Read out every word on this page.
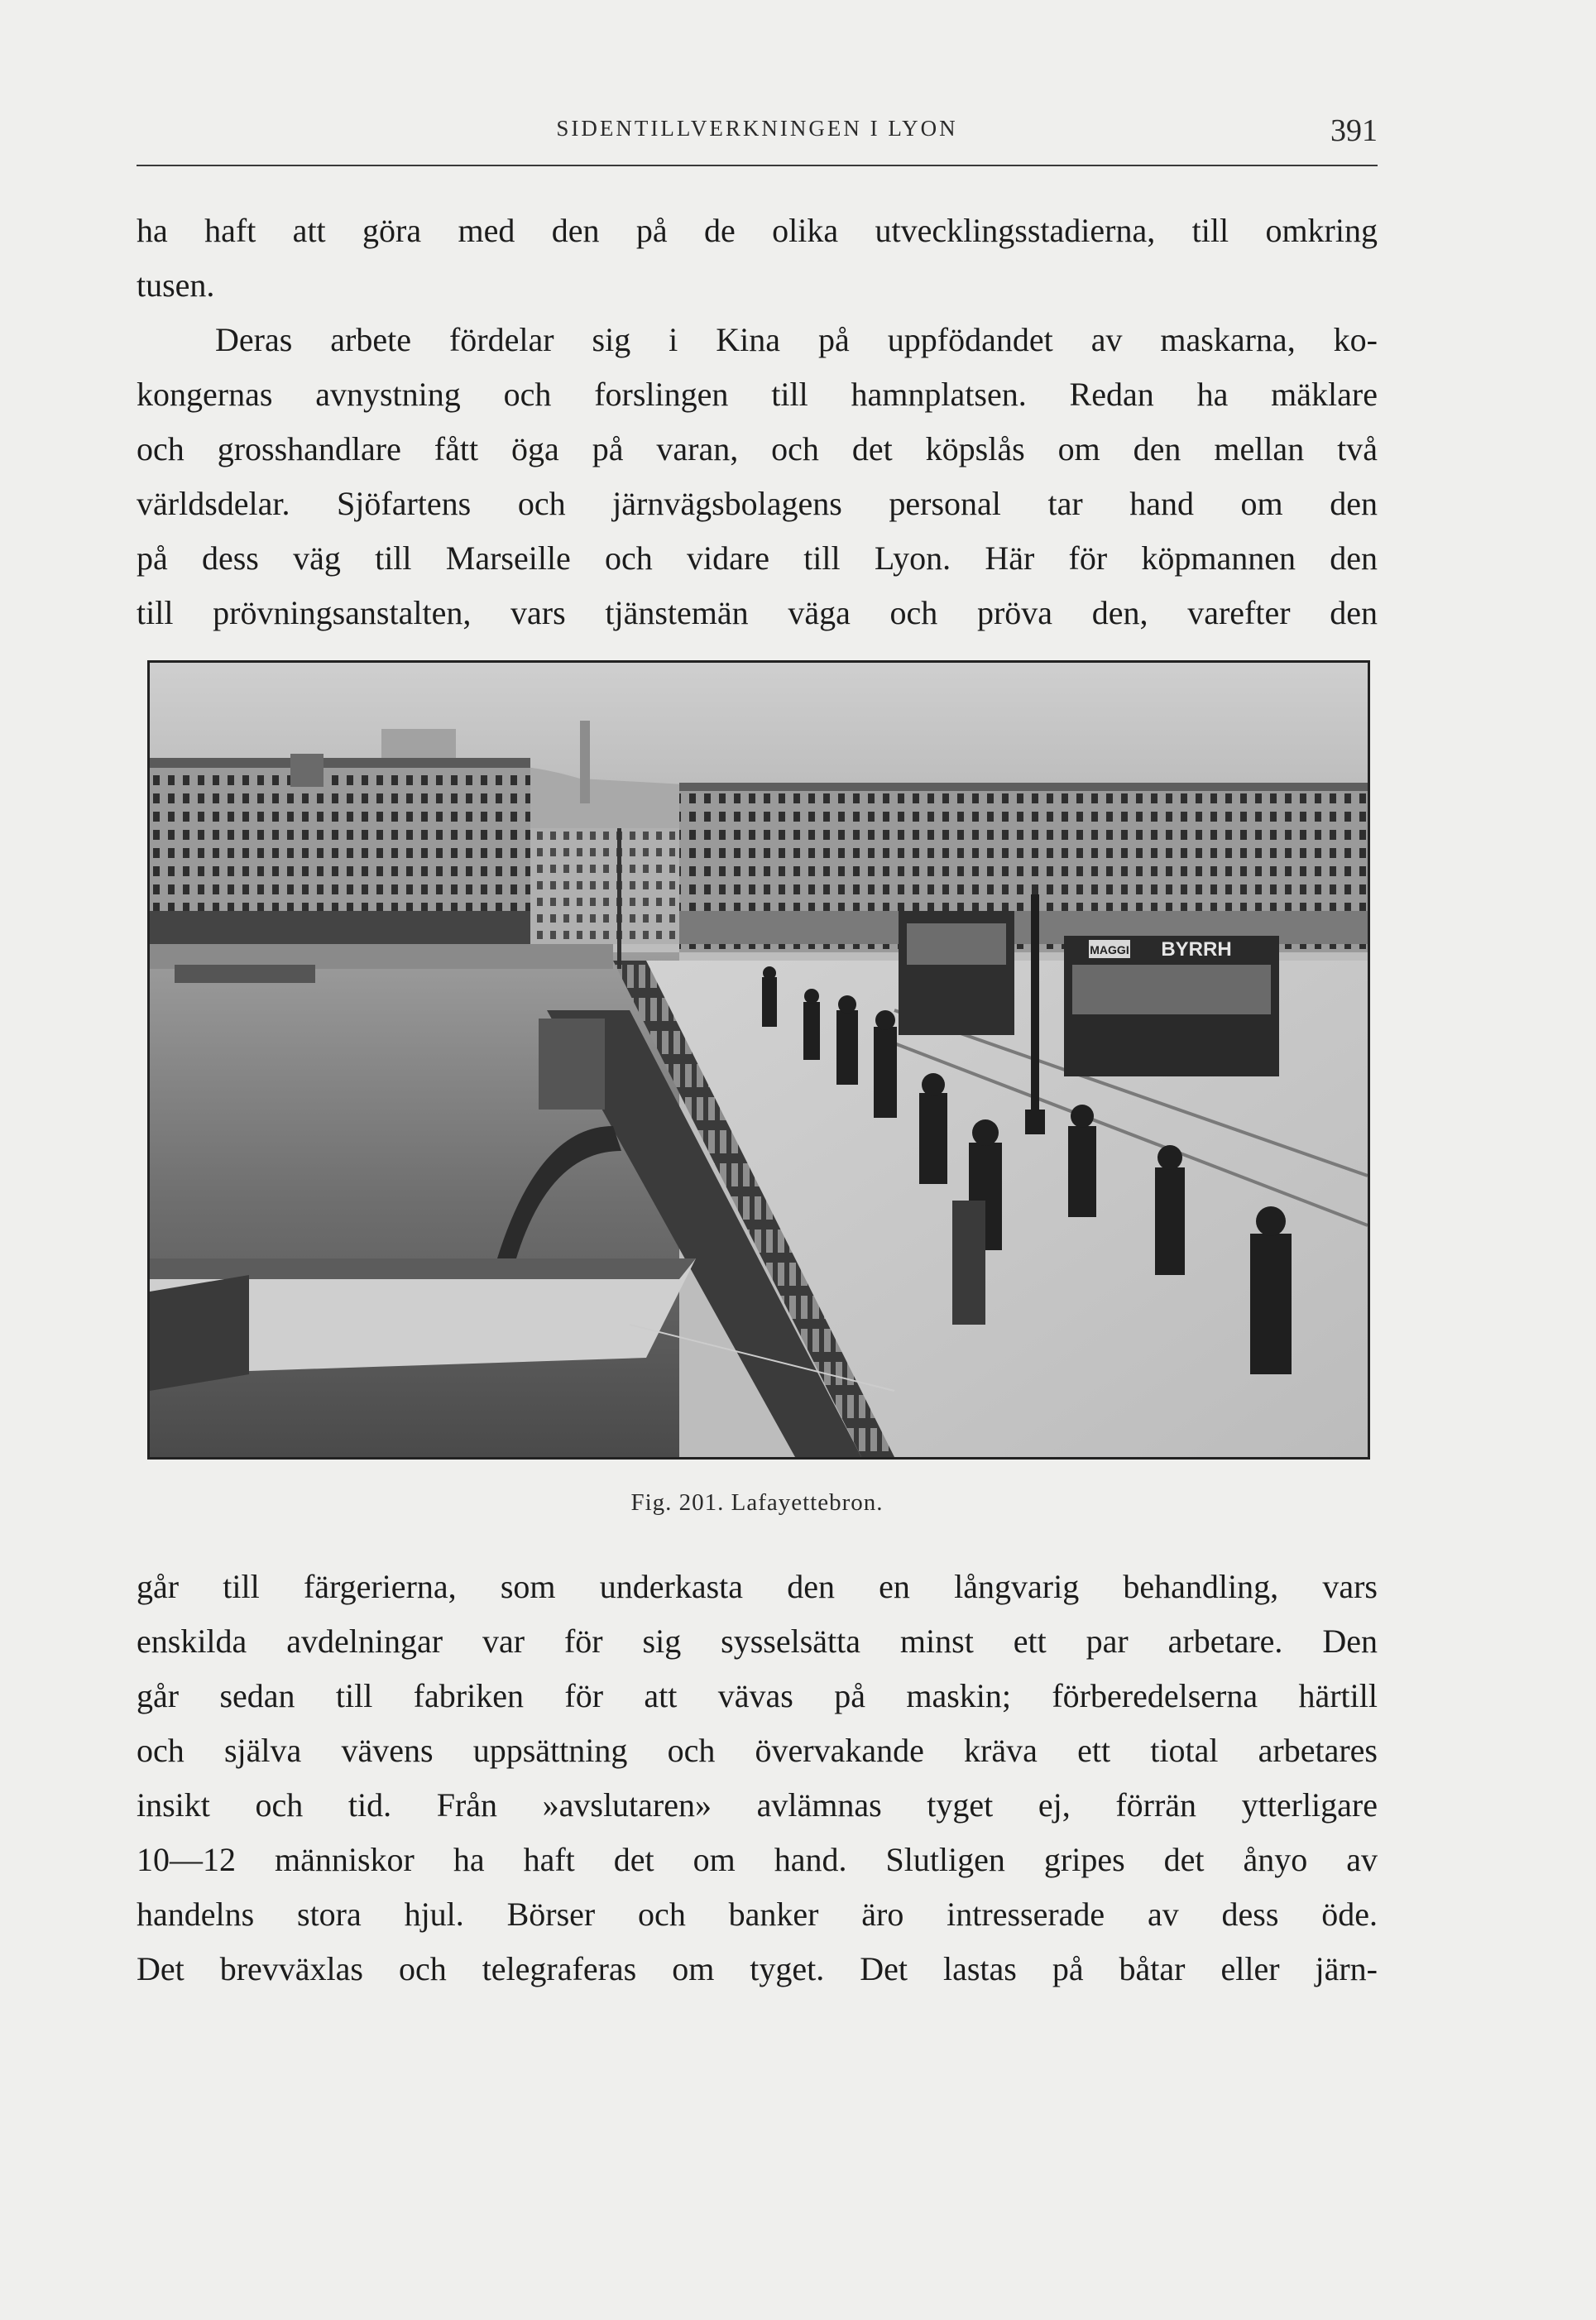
SIDENTILLVERKNINGEN I LYON	391
ha haft att göra med den på de olika utvecklingsstadierna, till omkring
tusen.
Deras arbete fördelar sig i Kina på uppfödandet av maskarna, ko-
kongernas avnystning och forslingen till hamnplatsen. Redan ha mäklare
och grosshandlare fått öga på varan, och det köpslås om den mellan två
världsdelar. Sjöfartens och järnvägsbolagens personal tar hand om den
på dess väg till Marseille och vidare till Lyon. Här för köpmannen den
till prövningsanstalten, vars tjänstemän väga och pröva den, varefter den
MAGGI BYRRH
Fig. 201. Lafayettebron.
går till färgerierna, som underkasta den en långvarig behandling, vars
enskilda avdelningar var för sig sysselsätta minst ett par arbetare. Den
går sedan till fabriken för att vävas på maskin; förberedelserna härtill
och själva vävens uppsättning och övervakande kräva ett tiotal arbetares
insikt och tid. Från »avslutaren» avlämnas tyget ej, förrän ytterligare
10—12 människor ha haft det om hand. Slutligen gripes det ånyo av
handelns stora hjul. Börser och banker äro intresserade av dess öde.
Det brevväxlas och telegraferas om tyget. Det lastas på båtar eller järn-
